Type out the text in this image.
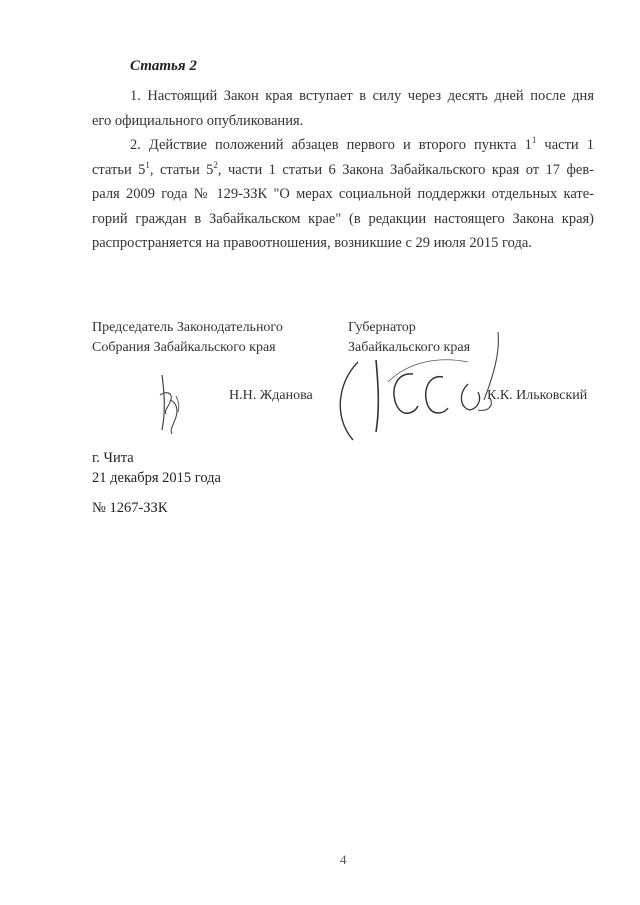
Статья 2
1. Настоящий Закон края вступает в силу через десять дней после дня
его официального опубликования.
2. Действие положений абзацев первого и второго пункта $1^1$ части 1
статьи $5^1$, статьи $5^2$, части 1 статьи 6 Закона Забайкальского края от 17 фев-
раля 2009 года № 129-ЗЗК "О мерах социальной поддержки отдельных кате-
горий граждан в Забайкальском крае" (в редакции настоящего Закона края)
распространяется на правоотношения, возникшие с 29 июля 2015 года.
Председатель Законодательного
Собрания Забайкальского края
Губернатор
Забайкальского края
Н.Н. Жданова	К.К. Ильковский
г. Чита
21 декабря 2015 года
№ 1267-ЗЗК
4
